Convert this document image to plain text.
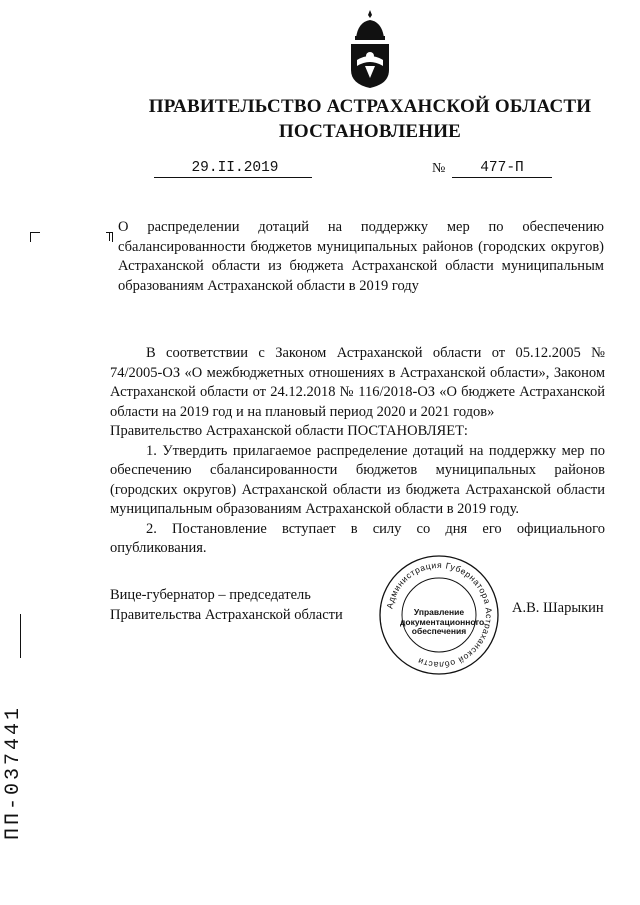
ПРАВИТЕЛЬСТВО АСТРАХАНСКОЙ ОБЛАСТИ
ПОСТАНОВЛЕНИЕ
29.II.2019	№	477-П
О распределении дотаций на поддержку мер по обеспечению сбалансированности бюджетов муниципальных районов (городских округов) Астраханской области из бюджета Астраханской области муниципальным образованиям Астраханской области в 2019 году

В соответствии с Законом Астраханской области от 05.12.2005 № 74/2005-ОЗ «О межбюджетных отношениях в Астраханской области», Законом Астраханской области от 24.12.2018 № 116/2018-ОЗ «О бюджете Астраханской области на 2019 год и на плановый период 2020 и 2021 годов»

Правительство Астраханской области ПОСТАНОВЛЯЕТ:

1. Утвердить прилагаемое распределение дотаций на поддержку мер по обеспечению сбалансированности бюджетов муниципальных районов (городских округов) Астраханской области из бюджета Астраханской области муниципальным образованиям Астраханской области в 2019 году.

2. Постановление вступает в силу со дня его официального опубликования.

Вице-губернатор – председатель
Правительства Астраханской области	А.В. Шарыкин
Администрация Губернатора Астраханской области
Управление
документационного
обеспечения
ПП-037441
